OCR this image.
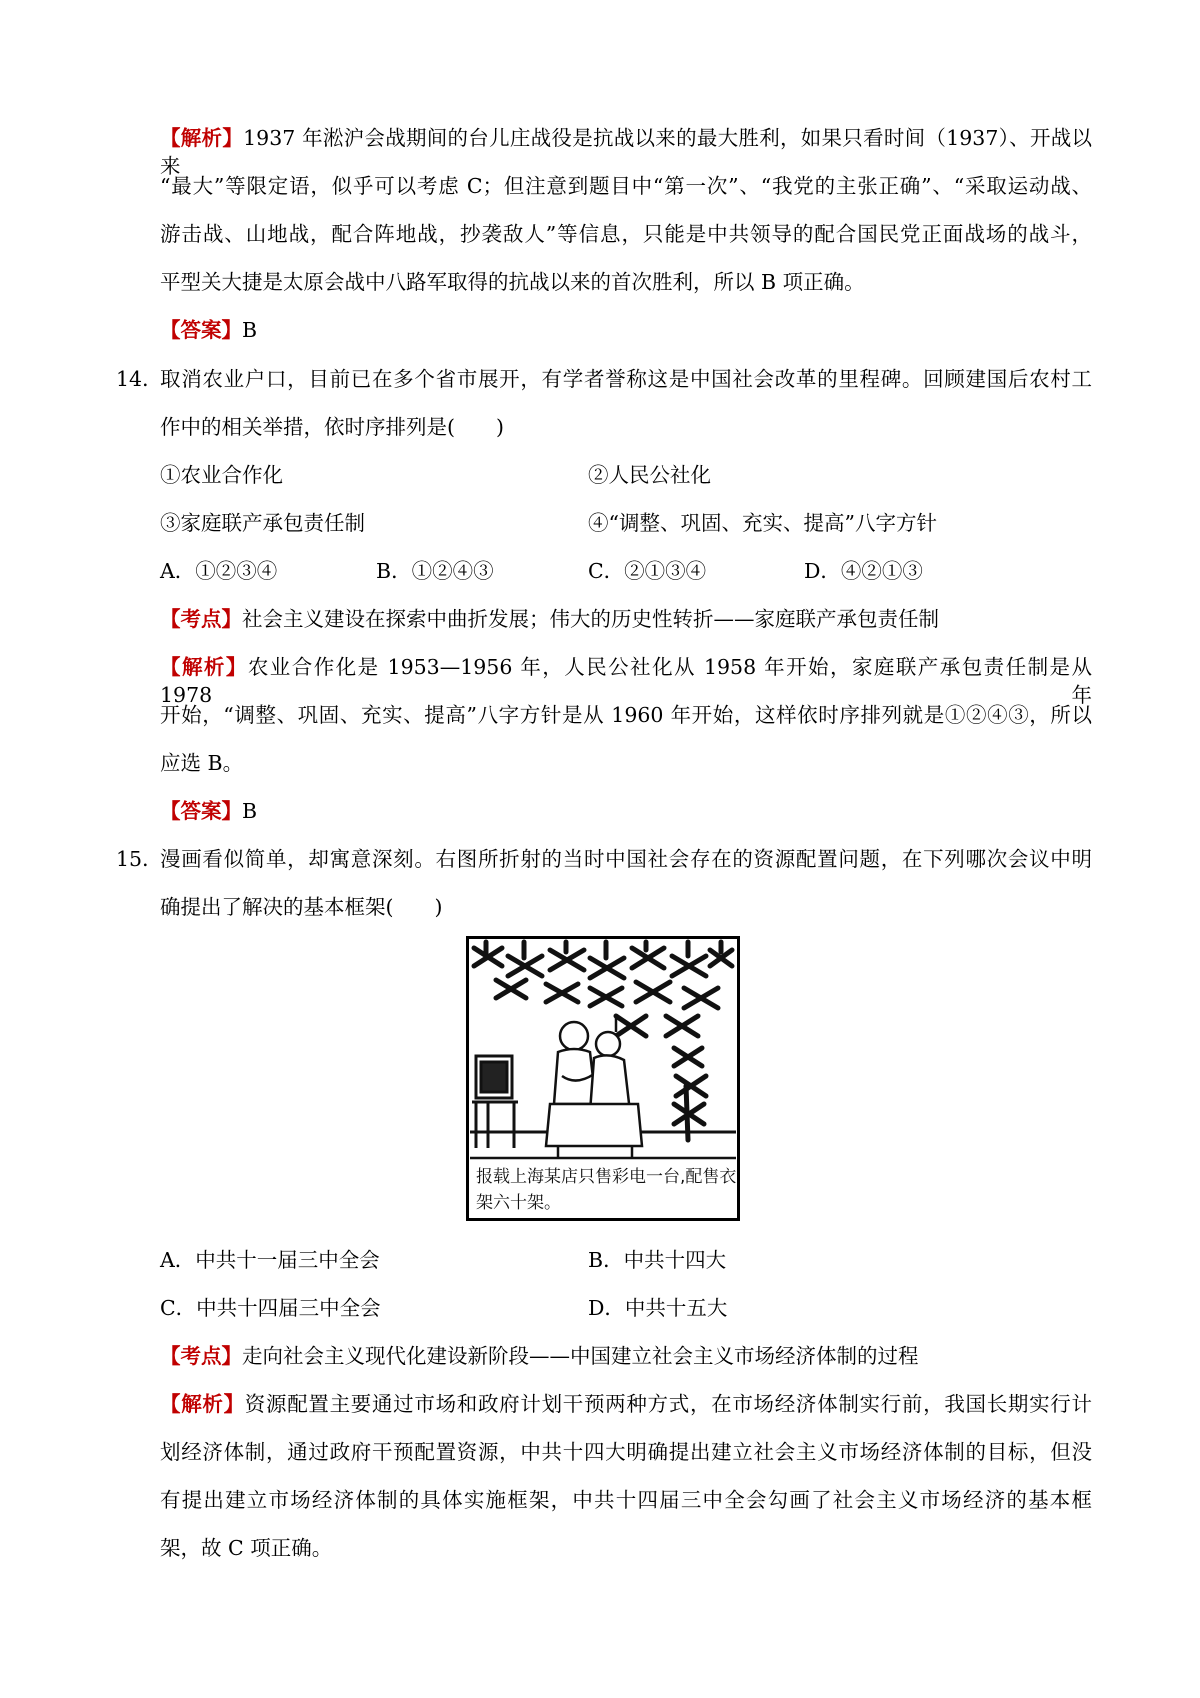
【解析】1937 年淞沪会战期间的台儿庄战役是抗战以来的最大胜利，如果只看时间（1937）、开战以来
“最大”等限定语，似乎可以考虑 C；但注意到题目中“第一次”、“我党的主张正确”、“采取运动战、
游击战、山地战，配合阵地战，抄袭敌人”等信息，只能是中共领导的配合国民党正面战场的战斗，
平型关大捷是太原会战中八路军取得的抗战以来的首次胜利，所以 B 项正确。
【答案】B
14．
取消农业户口，目前已在多个省市展开，有学者誉称这是中国社会改革的里程碑。回顾建国后农村工
作中的相关举措，依时序排列是(　　)
①农业合作化	②人民公社化
③家庭联产承包责任制	④“调整、巩固、充实、提高”八字方针
A．①②③④	B．①②④③	C．②①③④	D．④②①③
【考点】社会主义建设在探索中曲折发展；伟大的历史性转折——家庭联产承包责任制
【解析】农业合作化是 1953—1956 年，人民公社化从 1958 年开始，家庭联产承包责任制是从 1978 年
开始，“调整、巩固、充实、提高”八字方针是从 1960 年开始，这样依时序排列就是①②④③，所以
应选 B。
【答案】B
15．
漫画看似简单，却寓意深刻。右图所折射的当时中国社会存在的资源配置问题，在下列哪次会议中明
确提出了解决的基本框架(　　)
报载上海某店只售彩电一台,配售衣
架六十架。
A．中共十一届三中全会	B．中共十四大
C．中共十四届三中全会	D．中共十五大
【考点】走向社会主义现代化建设新阶段——中国建立社会主义市场经济体制的过程
【解析】资源配置主要通过市场和政府计划干预两种方式，在市场经济体制实行前，我国长期实行计
划经济体制，通过政府干预配置资源，中共十四大明确提出建立社会主义市场经济体制的目标，但没
有提出建立市场经济体制的具体实施框架，中共十四届三中全会勾画了社会主义市场经济的基本框
架，故 C 项正确。
